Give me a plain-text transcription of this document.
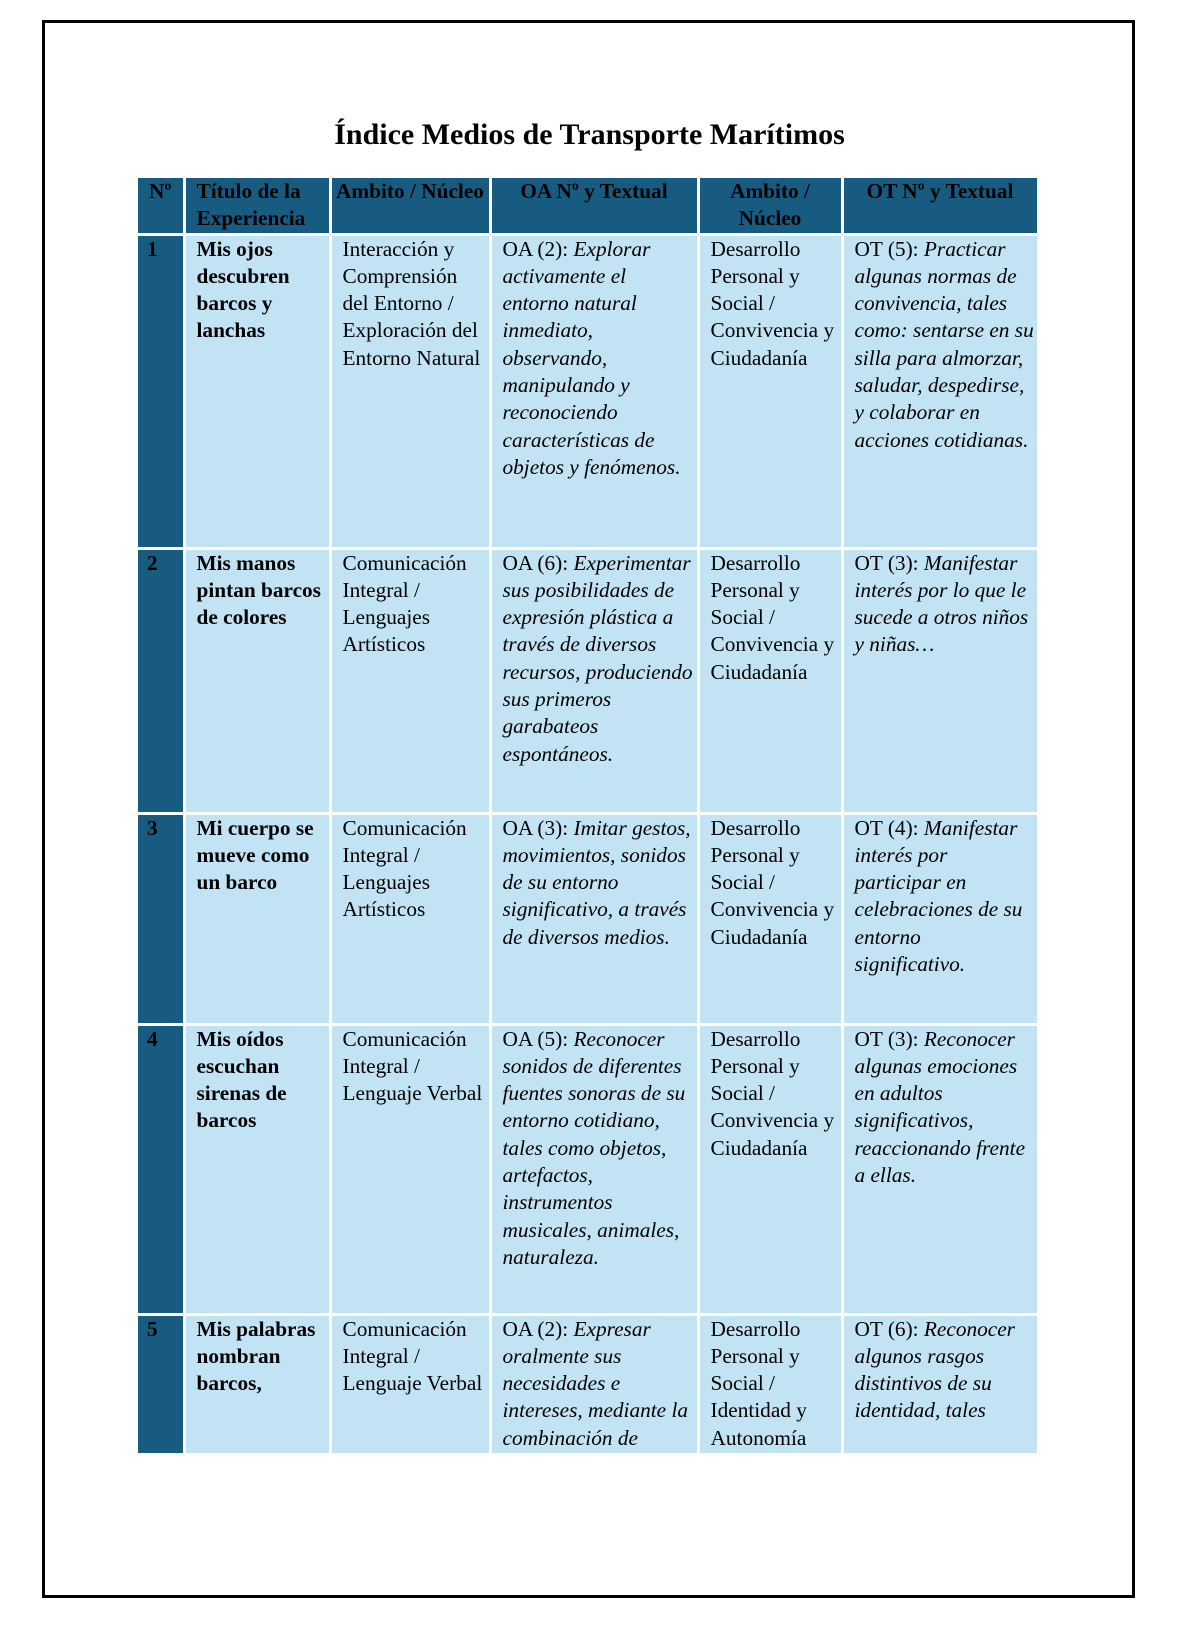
Índice Medios de Transporte Marítimos
Nº	Título de la Experiencia	Ambito / Núcleo	OA Nº y Textual	Ambito / Núcleo	OT Nº y Textual
1	Mis ojos descubren barcos y lanchas	Interacción y Comprensión del Entorno / Exploración del Entorno Natural	OA (2): Explorar activamente el entorno natural inmediato, observando, manipulando y reconociendo características de objetos y fenómenos.	Desarrollo Personal y Social / Convivencia y Ciudadanía	OT (5): Practicar algunas normas de convivencia, tales como: sentarse en su silla para almorzar, saludar, despedirse, y colaborar en acciones cotidianas.
2	Mis manos pintan barcos de colores	Comunicación Integral / Lenguajes Artísticos	OA (6): Experimentar sus posibilidades de expresión plástica a través de diversos recursos, produciendo sus primeros garabateos espontáneos.	Desarrollo Personal y Social / Convivencia y Ciudadanía	OT (3): Manifestar interés por lo que le sucede a otros niños y niñas…
3	Mi cuerpo se mueve como un barco	Comunicación Integral / Lenguajes Artísticos	OA (3): Imitar gestos, movimientos, sonidos de su entorno significativo, a través de diversos medios.	Desarrollo Personal y Social / Convivencia y Ciudadanía	OT (4): Manifestar interés por participar en celebraciones de su entorno significativo.
4	Mis oídos escuchan sirenas de barcos	Comunicación Integral / Lenguaje Verbal	OA (5): Reconocer sonidos de diferentes fuentes sonoras de su entorno cotidiano, tales como objetos, artefactos, instrumentos musicales, animales, naturaleza.	Desarrollo Personal y Social / Convivencia y Ciudadanía	OT (3): Reconocer algunas emociones en adultos significativos, reaccionando frente a ellas.
5	Mis palabras nombran barcos,	Comunicación Integral / Lenguaje Verbal	OA (2): Expresar oralmente sus necesidades e intereses, mediante la combinación de	Desarrollo Personal y Social / Identidad y Autonomía	OT (6): Reconocer algunos rasgos distintivos de su identidad, tales
